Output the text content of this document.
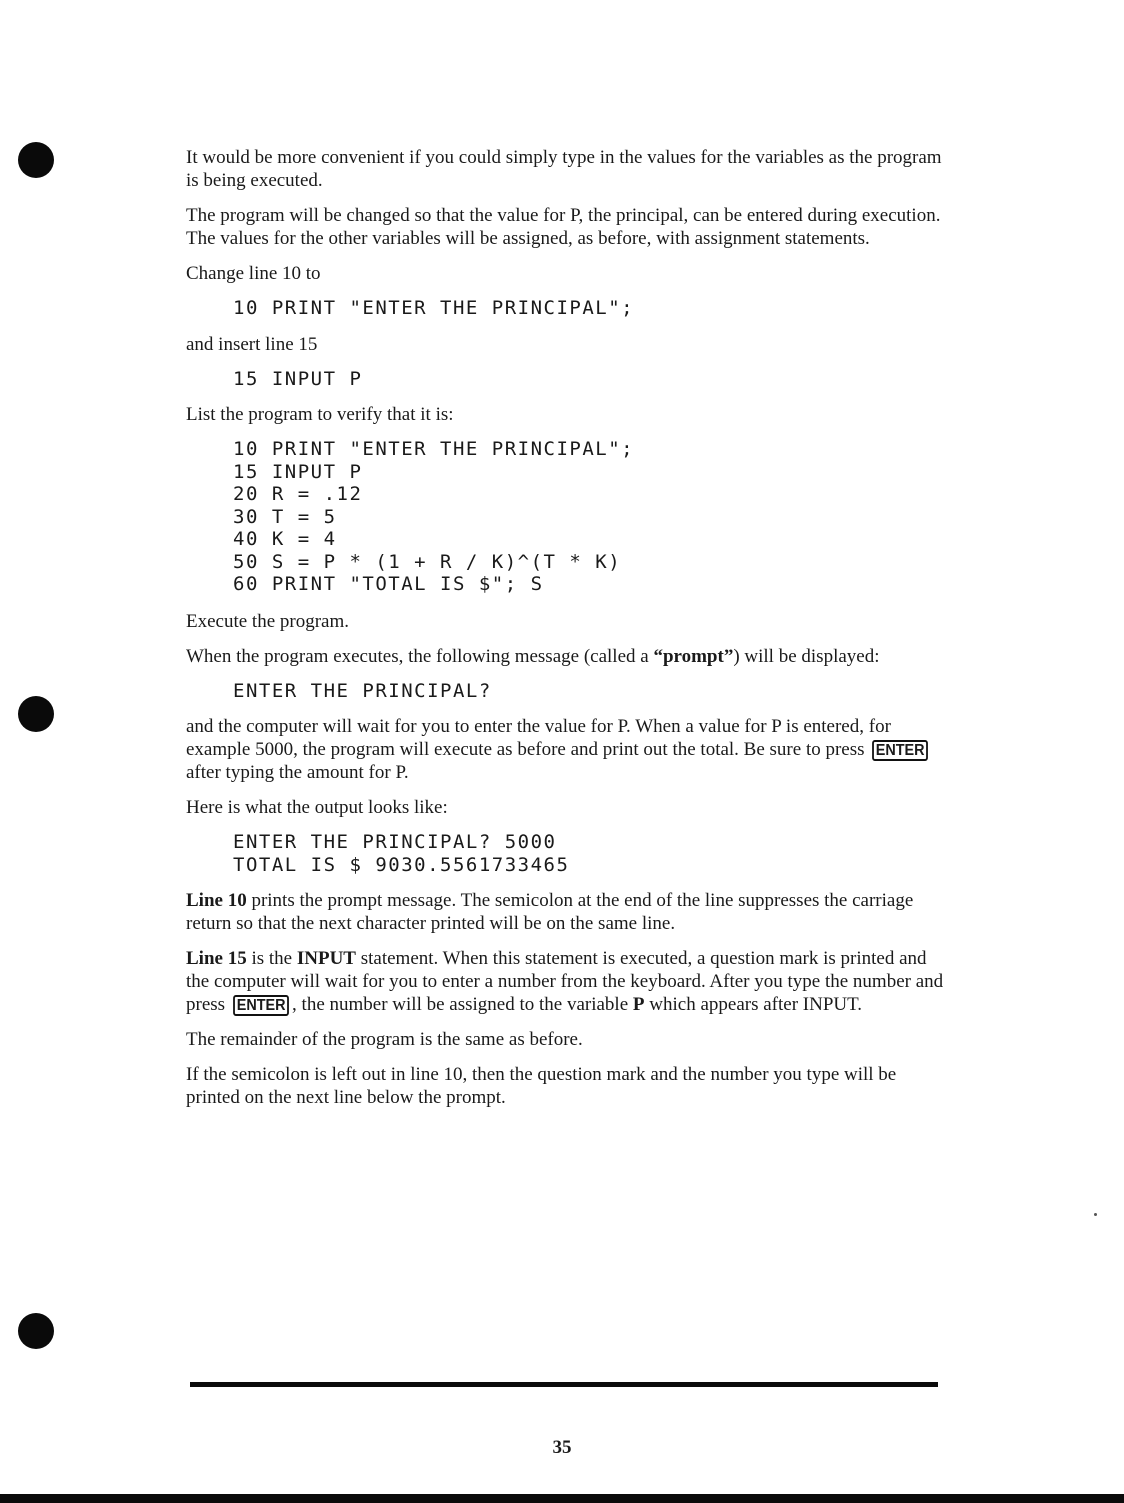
It would be more convenient if you could simply type in the values for the variables as the program is being executed.

The program will be changed so that the value for P, the principal, can be entered during execution. The values for the other variables will be assigned, as before, with assignment statements.

Change line 10 to

10 PRINT "ENTER THE PRINCIPAL";

and insert line 15

15 INPUT P

List the program to verify that it is:

10 PRINT "ENTER THE PRINCIPAL";
15 INPUT P
20 R = .12
30 T = 5
40 K = 4
50 S = P * (1 + R / K)^(T * K)
60 PRINT "TOTAL IS $"; S

Execute the program.

When the program executes, the following message (called a “prompt”) will be displayed:

ENTER THE PRINCIPAL?

and the computer will wait for you to enter the value for P. When a value for P is entered, for example 5000, the program will execute as before and print out the total. Be sure to press ENTER after typing the amount for P.

Here is what the output looks like:

ENTER THE PRINCIPAL? 5000
TOTAL IS $ 9030.5561733465

Line 10 prints the prompt message. The semicolon at the end of the line suppresses the carriage return so that the next character printed will be on the same line.

Line 15 is the INPUT statement. When this statement is executed, a question mark is printed and the computer will wait for you to enter a number from the keyboard. After you type the number and press ENTER , the number will be assigned to the variable P which appears after INPUT.

The remainder of the program is the same as before.

If the semicolon is left out in line 10, then the question mark and the number you type will be printed on the next line below the prompt.

35
